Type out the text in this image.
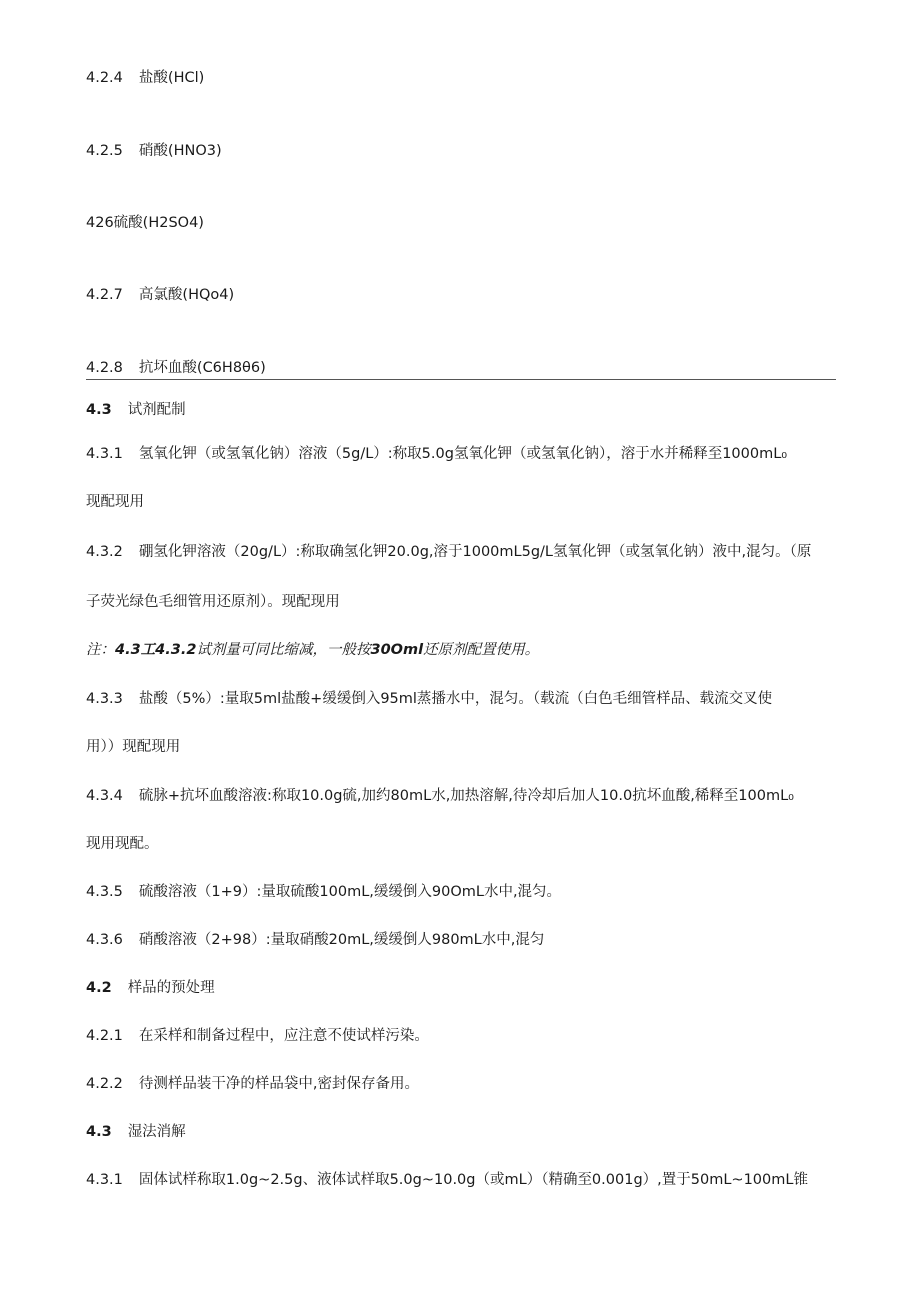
4.2.4 盐酸(HCl)
4.2.5 硝酸(HNO3)
426硫酸(H2SO4)
4.2.7 高氯酸(HQo4)
4.2.8 抗坏血酸(C6H8θ6)
4.3 试剂配制
4.3.1 氢氧化钾（或氢氧化钠）溶液（5g∕L）:称取5.0g氢氧化钾（或氢氧化钠），溶于水并稀释至1000mL₀
现配现用
4.3.2 硼氢化钾溶液（20g∕L）:称取确氢化钾20.0g,溶于1000mL5g/L氢氧化钾（或氢氧化钠）液中,混匀。（原
子荧光绿色毛细管用还原剂）。现配现用
注：4.3工4.3.2试剂量可同比缩减，一般按30Oml还原剂配置使用。
4.3.3 盐酸（5%）:量取5ml盐酸+缓缓倒入95ml蒸播水中，混匀。（载流（白色毛细管样品、载流交叉使
用））现配现用
4.3.4 硫脉+抗坏血酸溶液:称取10.0g硫,加约80mL水,加热溶解,待冷却后加人10.0抗坏血酸,稀释至100mL₀
现用现配。
4.3.5 硫酸溶液（1+9）:量取硫酸100mL,缓缓倒入90OmL水中,混匀。
4.3.6 硝酸溶液（2+98）:量取硝酸20mL,缓缓倒人980mL水中,混匀
4.2 样品的预处理
4.2.1 在采样和制备过程中，应注意不使试样污染。
4.2.2 待测样品装干净的样品袋中,密封保存备用。
4.3 湿法消解
4.3.1 固体试样称取1.0g~2.5g、液体试样取5.0g~10.0g（或mL）（精确至0.001g）,置于50mL~100mL锥
